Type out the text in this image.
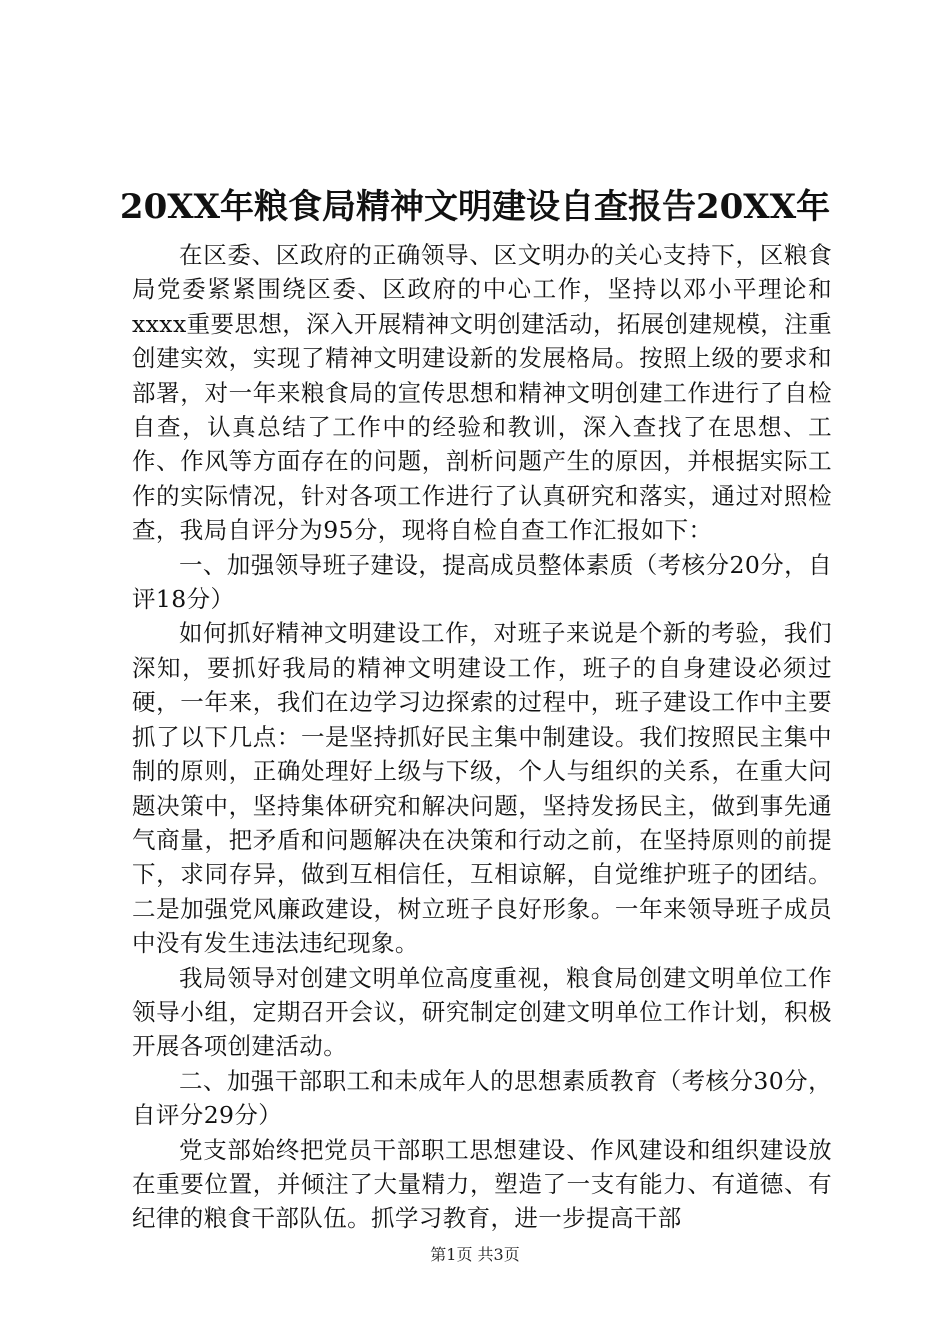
20XX年粮食局精神文明建设自查报告20XX年

在区委、区政府的正确领导、区文明办的关心支持下，区粮食局党委紧紧围绕区委、区政府的中心工作，坚持以邓小平理论和xxxx重要思想，深入开展精神文明创建活动，拓展创建规模，注重创建实效，实现了精神文明建设新的发展格局。按照上级的要求和部署，对一年来粮食局的宣传思想和精神文明创建工作进行了自检自查，认真总结了工作中的经验和教训，深入查找了在思想、工作、作风等方面存在的问题，剖析问题产生的原因，并根据实际工作的实际情况，针对各项工作进行了认真研究和落实，通过对照检查，我局自评分为95分，现将自检自查工作汇报如下：

一、加强领导班子建设，提高成员整体素质（考核分20分，自评18分）

如何抓好精神文明建设工作，对班子来说是个新的考验，我们深知，要抓好我局的精神文明建设工作，班子的自身建设必须过硬，一年来，我们在边学习边探索的过程中，班子建设工作中主要抓了以下几点：一是坚持抓好民主集中制建设。我们按照民主集中制的原则，正确处理好上级与下级，个人与组织的关系，在重大问题决策中，坚持集体研究和解决问题，坚持发扬民主，做到事先通气商量，把矛盾和问题解决在决策和行动之前，在坚持原则的前提下，求同存异，做到互相信任，互相谅解，自觉维护班子的团结。二是加强党风廉政建设，树立班子良好形象。一年来领导班子成员中没有发生违法违纪现象。

我局领导对创建文明单位高度重视，粮食局创建文明单位工作领导小组，定期召开会议，研究制定创建文明单位工作计划，积极开展各项创建活动。

二、加强干部职工和未成年人的思想素质教育（考核分30分，自评分29分）

党支部始终把党员干部职工思想建设、作风建设和组织建设放在重要位置，并倾注了大量精力，塑造了一支有能力、有道德、有纪律的粮食干部队伍。抓学习教育，进一步提高干部

第1页 共3页
